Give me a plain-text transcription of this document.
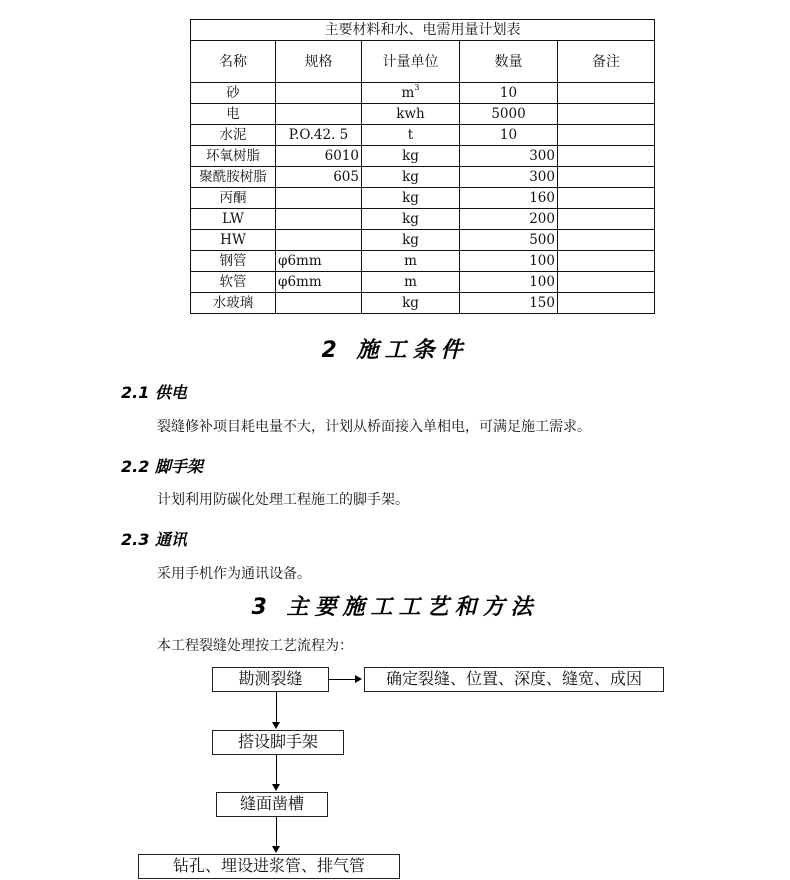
主要材料和水、电需用量计划表				
名称	规格	计量单位	数量	备注
砂		$m^3$	10	
电		kwh	5000	
水泥	P.O.42. 5	t	10	
环氧树脂	6010	kg	300	
聚酰胺树脂	605	kg	300	
丙酮		kg	160	
LW		kg	200	
HW		kg	500	
钢管	φ6mm	m	100	
软管	φ6mm	m	100	
水玻璃		kg	150	
2 施工条件
2.1 供电
裂缝修补项目耗电量不大，计划从桥面接入单相电，可满足施工需求。
2.2 脚手架
计划利用防碳化处理工程施工的脚手架。
2.3 通讯
采用手机作为通讯设备。
3 主要施工工艺和方法
本工程裂缝处理按工艺流程为：
勘测裂缝	确定裂缝、位置、深度、缝宽、成因
搭设脚手架
缝面凿槽
钻孔、埋设进浆管、排气管
